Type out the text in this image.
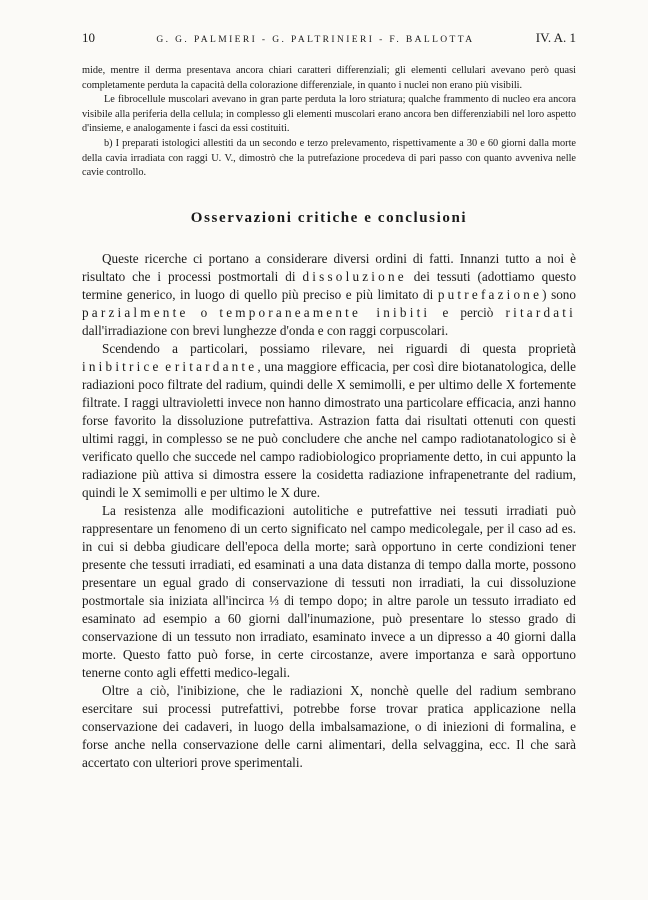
10	G. G. PALMIERI - G. PALTRINIERI - F. BALLOTTA	IV. A. 1

mide, mentre il derma presentava ancora chiari caratteri differenziali; gli elementi cellulari avevano però quasi completamente perduta la capacità della colorazione differenziale, in quanto i nuclei non erano più visibili.

Le fibrocellule muscolari avevano in gran parte perduta la loro striatura; qualche frammento di nucleo era ancora visibile alla periferia della cellula; in complesso gli elementi muscolari erano ancora ben differenziabili nel loro aspetto d'insieme, e analogamente i fasci da essi costituiti.

b) I preparati istologici allestiti da un secondo e terzo prelevamento, rispettivamente a 30 e 60 giorni dalla morte della cavia irradiata con raggi U. V., dimostrò che la putrefazione procedeva di pari passo con quanto avveniva nelle cavie controllo.

Osservazioni critiche e conclusioni

Queste ricerche ci portano a considerare diversi ordini di fatti. Innanzi tutto a noi è risultato che i processi postmortali di dissoluzione dei tessuti (adottiamo questo termine generico, in luogo di quello più preciso e più limitato di putrefazione) sono parzialmente o temporaneamente inibiti e perciò ritardati dall'irradiazione con brevi lunghezze d'onda e con raggi corpuscolari.

Scendendo a particolari, possiamo rilevare, nei riguardi di questa proprietà inibitrice e ritardante, una maggiore efficacia, per così dire biotanatologica, delle radiazioni poco filtrate del radium, quindi delle X semimolli, e per ultimo delle X fortemente filtrate. I raggi ultravioletti invece non hanno dimostrato una particolare efficacia, anzi hanno forse favorito la dissoluzione putrefattiva. Astrazion fatta dai risultati ottenuti con questi ultimi raggi, in complesso se ne può concludere che anche nel campo radiotanatologico si è verificato quello che succede nel campo radiobiologico propriamente detto, in cui appunto la radiazione più attiva si dimostra essere la cosidetta radiazione infrapenetrante del radium, quindi le X semimolli e per ultimo le X dure.

La resistenza alle modificazioni autolitiche e putrefattive nei tessuti irradiati può rappresentare un fenomeno di un certo significato nel campo medicolegale, per il caso ad es. in cui si debba giudicare dell'epoca della morte; sarà opportuno in certe condizioni tener presente che tessuti irradiati, ed esaminati a una data distanza di tempo dalla morte, possono presentare un egual grado di conservazione di tessuti non irradiati, la cui dissoluzione postmortale sia iniziata all'incirca ⅓ di tempo dopo; in altre parole un tessuto irradiato ed esaminato ad esempio a 60 giorni dall'inumazione, può presentare lo stesso grado di conservazione di un tessuto non irradiato, esaminato invece a un dipresso a 40 giorni dalla morte. Questo fatto può forse, in certe circostanze, avere importanza e sarà opportuno tenerne conto agli effetti medico-legali.

Oltre a ciò, l'inibizione, che le radiazioni X, nonchè quelle del radium sembrano esercitare sui processi putrefattivi, potrebbe forse trovar pratica applicazione nella conservazione dei cadaveri, in luogo della imbalsamazione, o di iniezioni di formalina, e forse anche nella conservazione delle carni alimentari, della selvaggina, ecc. Il che sarà accertato con ulteriori prove sperimentali.
